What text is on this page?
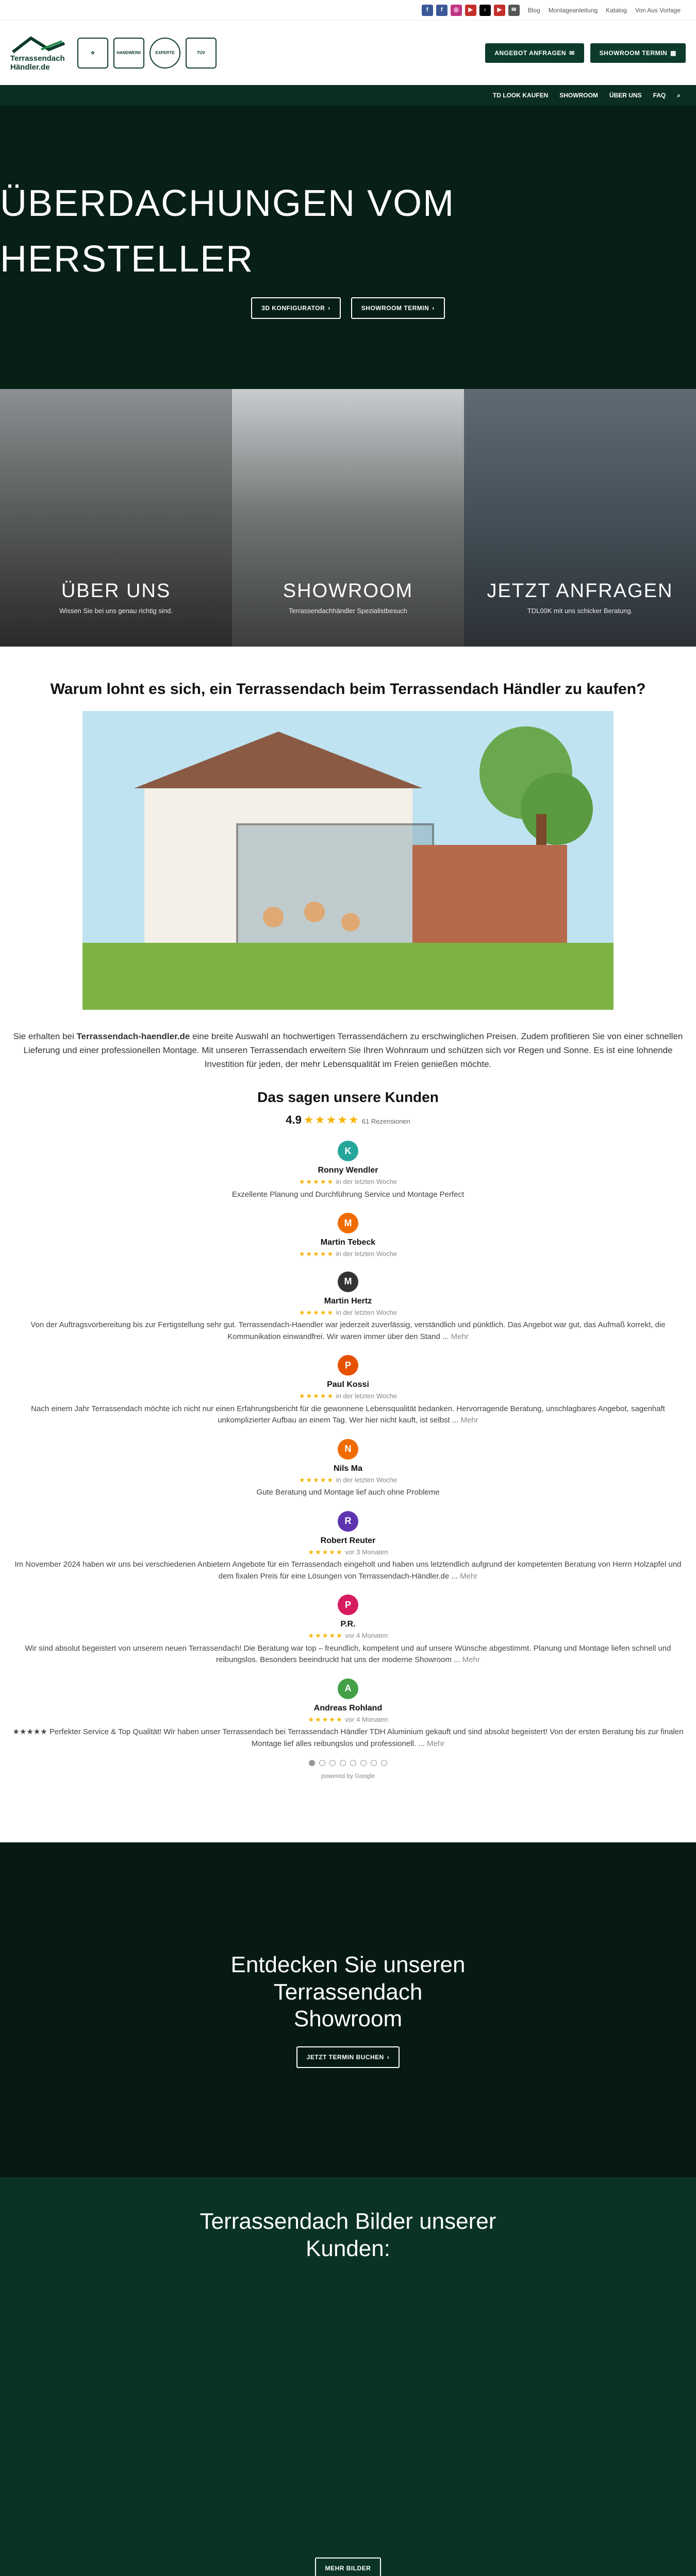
f	f	◎	▶	♪	▶	✉	Blog Montageanleitung Katalog Von Aus Vorlage
Terrassendach
Händler.de
✿	HANDWERK	EXPERTE	TÜV	ANGEBOT ANFRAGEN ✉	SHOWROOM TERMIN ▦
TD LOOK KAUFEN SHOWROOM ÜBER UNS FAQ ⌕
ÜBERDACHUNGEN VOM HERSTELLER
3D KONFIGURATOR ›	SHOWROOM TERMIN ›
ÜBER UNS

Wissen Sie bei uns genau richtig sind.

SHOWROOM

Terrassendachhändler Spezialistbesuch

JETZT ANFRAGEN

TDL00K mit uns schicker Beratung.

Warum lohnt es sich, ein Terrassendach beim Terrassendach Händler zu kaufen?

Sie erhalten bei Terrassendach-haendler.de eine breite Auswahl an hochwertigen Terrassendächern zu erschwinglichen Preisen. Zudem profitieren Sie von einer schnellen Lieferung und einer professionellen Montage. Mit unseren Terrassendach erweitern Sie Ihren Wohnraum und schützen sich vor Regen und Sonne. Es ist eine lohnende Investition für jeden, der mehr Lebensqualität im Freien genießen möchte.

Das sagen unsere Kunden
4.9 ★★★★★ 61 Rezensionen
K
Ronny Wendler
★★★★★ in der letzten Woche
Exzellente Planung und Durchführung Service und Montage Perfect
M
Martin Tebeck
★★★★★ in der letzten Woche
M
Martin Hertz
★★★★★ in der letzten Woche
Von der Auftragsvorbereitung bis zur Fertigstellung sehr gut. Terrassendach-Haendler war jederzeit zuverlässig, verständlich und pünktlich. Das Angebot war gut, das Aufmaß korrekt, die Kommunikation einwandfrei. Wir waren immer über den Stand ... Mehr
P
Paul Kossi
★★★★★ in der letzten Woche
Nach einem Jahr Terrassendach möchte ich nicht nur einen Erfahrungsbericht für die gewonnene Lebensqualität bedanken. Hervorragende Beratung, unschlagbares Angebot, sagenhaft unkomplizierter Aufbau an einem Tag. Wer hier nicht kauft, ist selbst ... Mehr
N
Nils Ma
★★★★★ in der letzten Woche
Gute Beratung und Montage lief auch ohne Probleme
R
Robert Reuter
★★★★★ vor 3 Monaten
Im November 2024 haben wir uns bei verschiedenen Anbietern Angebote für ein Terrassendach eingeholt und haben uns letztendlich aufgrund der kompetenten Beratung von Herrn Holzapfel und dem fixalen Preis für eine Lösungen von Terrassendach-Händler.de ... Mehr
P
P.R.
★★★★★ vor 4 Monaten
Wir sind absolut begeistert von unserem neuen Terrassendach! Die Beratung war top – freundlich, kompetent und auf unsere Wünsche abgestimmt. Planung und Montage liefen schnell und reibungslos. Besonders beeindruckt hat uns der moderne Showroom ... Mehr
A
Andreas Rohland
★★★★★ vor 4 Monaten
★★★★★ Perfekter Service & Top Qualität! Wir haben unser Terrassendach bei Terrassendach Händler TDH Aluminium gekauft und sind absolut begeistert! Von der ersten Beratung bis zur finalen Montage lief alles reibungslos und professionell. ... Mehr
powered by Google
Entdecken Sie unseren Terrassendach Showroom
JETZT TERMIN BUCHEN ›
Terrassendach Bilder unserer Kunden:
MEHR BILDER
